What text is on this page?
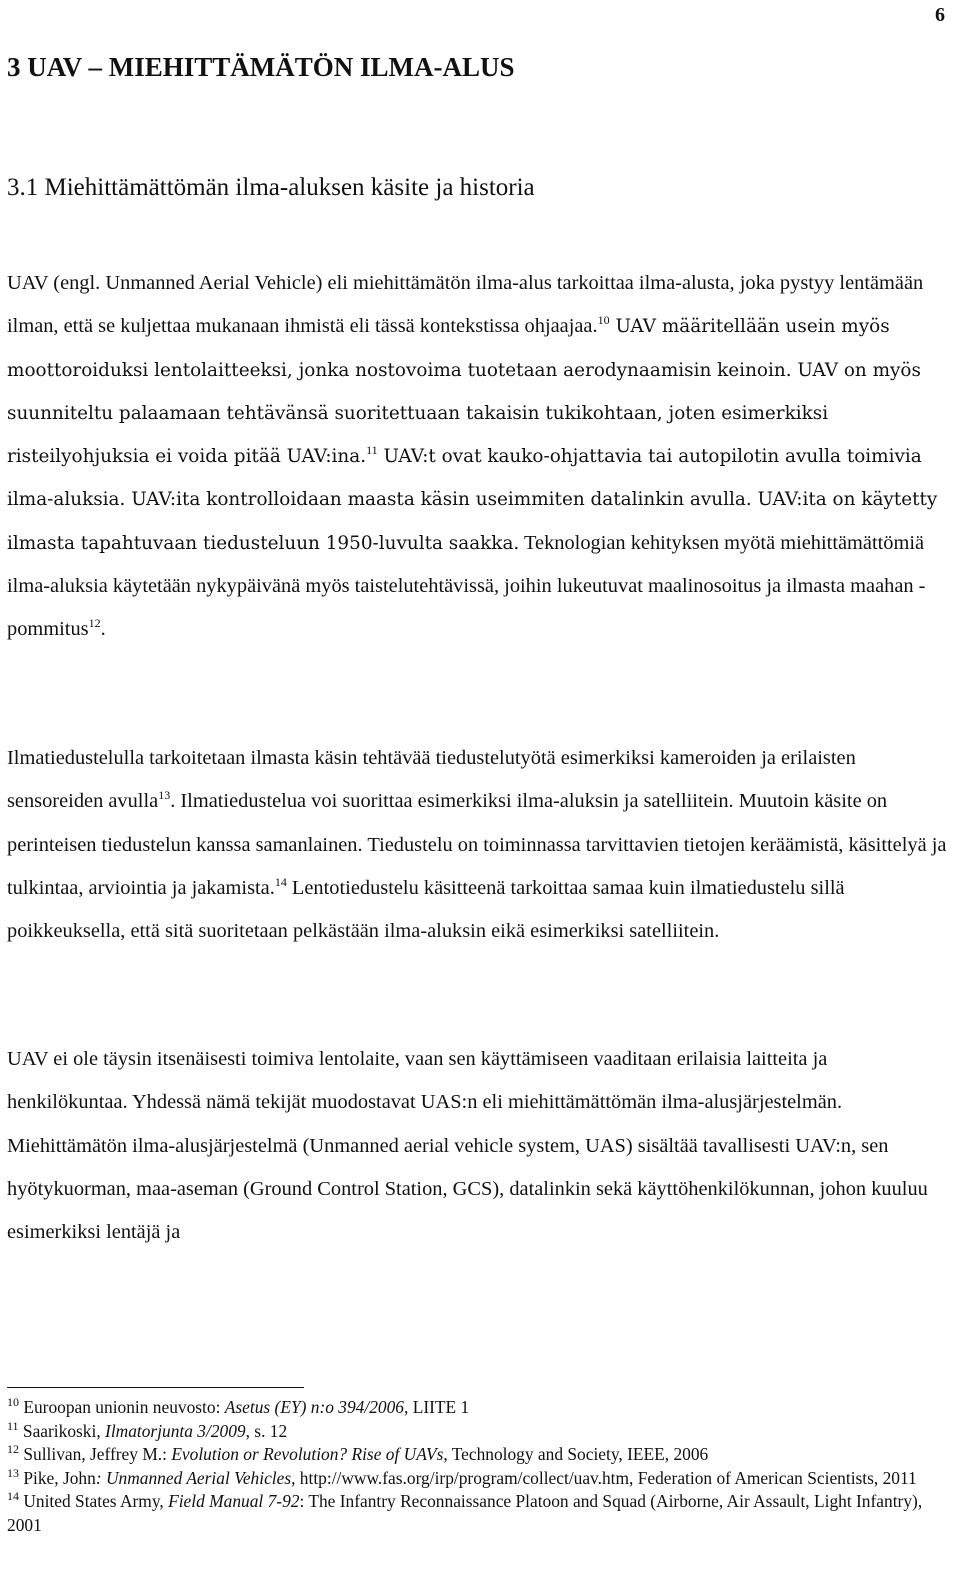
6
3 UAV – MIEHITTÄMÄTÖN ILMA-ALUS
3.1 Miehittämättömän ilma-aluksen käsite ja historia

UAV (engl. Unmanned Aerial Vehicle) eli miehittämätön ilma-alus tarkoittaa ilma-alusta, joka pystyy lentämään ilman, että se kuljettaa mukanaan ihmistä eli tässä kontekstissa ohjaajaa.$^{10}$ UAV määritellään usein myös moottoroiduksi lentolaitteeksi, jonka nostovoima tuotetaan aerodynaamisin keinoin. UAV on myös suunniteltu palaamaan tehtävänsä suoritettuaan takaisin tukikohtaan, joten esimerkiksi risteilyohjuksia ei voida pitää UAV:ina.$^{11}$ UAV:t ovat kauko-ohjattavia tai autopilotin avulla toimivia ilma-aluksia. UAV:ita kontrolloidaan maasta käsin useimmiten datalinkin avulla. UAV:ita on käytetty ilmasta tapahtuvaan tiedusteluun 1950-luvulta saakka. Teknologian kehityksen myötä miehittämättömiä ilma-aluksia käytetään nykypäivänä myös taistelutehtävissä, joihin lukeutuvat maalinosoitus ja ilmasta maahan -pommitus$^{12}$.

Ilmatiedustelulla tarkoitetaan ilmasta käsin tehtävää tiedustelutyötä esimerkiksi kameroiden ja erilaisten sensoreiden avulla$^{13}$. Ilmatiedustelua voi suorittaa esimerkiksi ilma-aluksin ja satelliitein. Muutoin käsite on perinteisen tiedustelun kanssa samanlainen. Tiedustelu on toiminnassa tarvittavien tietojen keräämistä, käsittelyä ja tulkintaa, arviointia ja jakamista.$^{14}$ Lentotiedustelu käsitteenä tarkoittaa samaa kuin ilmatiedustelu sillä poikkeuksella, että sitä suoritetaan pelkästään ilma-aluksin eikä esimerkiksi satelliitein.

UAV ei ole täysin itsenäisesti toimiva lentolaite, vaan sen käyttämiseen vaaditaan erilaisia laitteita ja henkilökuntaa. Yhdessä nämä tekijät muodostavat UAS:n eli miehittämättömän ilma-alusjärjestelmän. Miehittämätön ilma-alusjärjestelmä (Unmanned aerial vehicle system, UAS) sisältää tavallisesti UAV:n, sen hyötykuorman, maa-aseman (Ground Control Station, GCS), datalinkin sekä käyttöhenkilökunnan, johon kuuluu esimerkiksi lentäjä ja

$^{10}$ Euroopan unionin neuvosto: Asetus (EY) n:o 394/2006, LIITE 1

$^{11}$ Saarikoski, Ilmatorjunta 3/2009, s. 12

$^{12}$ Sullivan, Jeffrey M.: Evolution or Revolution? Rise of UAVs, Technology and Society, IEEE, 2006

$^{13}$ Pike, John: Unmanned Aerial Vehicles, http://www.fas.org/irp/program/collect/uav.htm, Federation of American Scientists, 2011

$^{14}$ United States Army, Field Manual 7-92: The Infantry Reconnaissance Platoon and Squad (Airborne, Air Assault, Light Infantry), 2001
